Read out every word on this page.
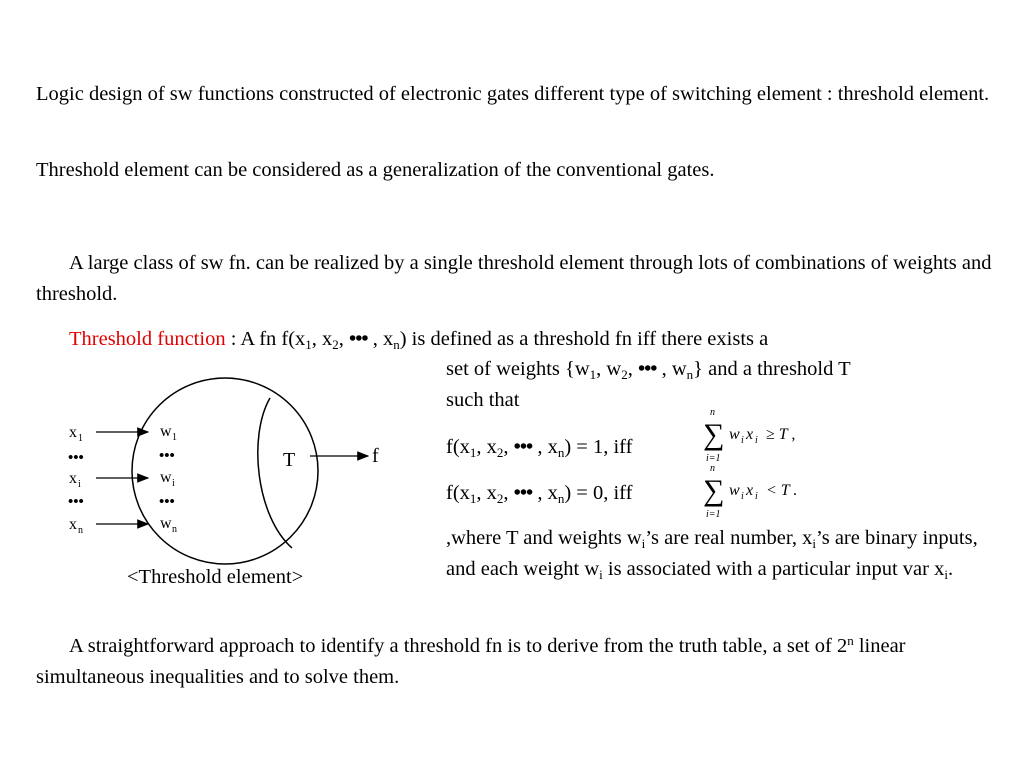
Logic design of sw functions constructed of electronic gates different type of switching element : threshold element.

Threshold element can be considered as a generalization of the conventional gates.

A large class of sw fn. can be realized by a single threshold element through lots of combinations of weights and threshold.

Threshold function : A fn $f(x_1$, $x_2$, ••• , $x_n$) is defined as a threshold fn iff there exists a

set of weights {$w_1$, $w_2$, ••• , $w_n$} and a threshold T
such that

$f(x_1$, $x_2$, ••• , $x_n) = 1$, iff

$f(x_1$, $x_2$, ••• , $x_n) = 0$, iff

n
∑
i=1
w i x i ≥ T ,
n
∑
i=1
w i x i < T .

,where T and weights $w_i’s$ are real number, $x_i’s$ are binary inputs, and each weight $w_i$ is associated with a particular input var $x_i$.

x 1
•••
x i
•••
x n
w 1
•••
w i
•••
w n
T	f
<Threshold element>

A straightforward approach to identify a threshold fn is to derive from the truth table, a set of 2$^n$ linear simultaneous inequalities and to solve them.
